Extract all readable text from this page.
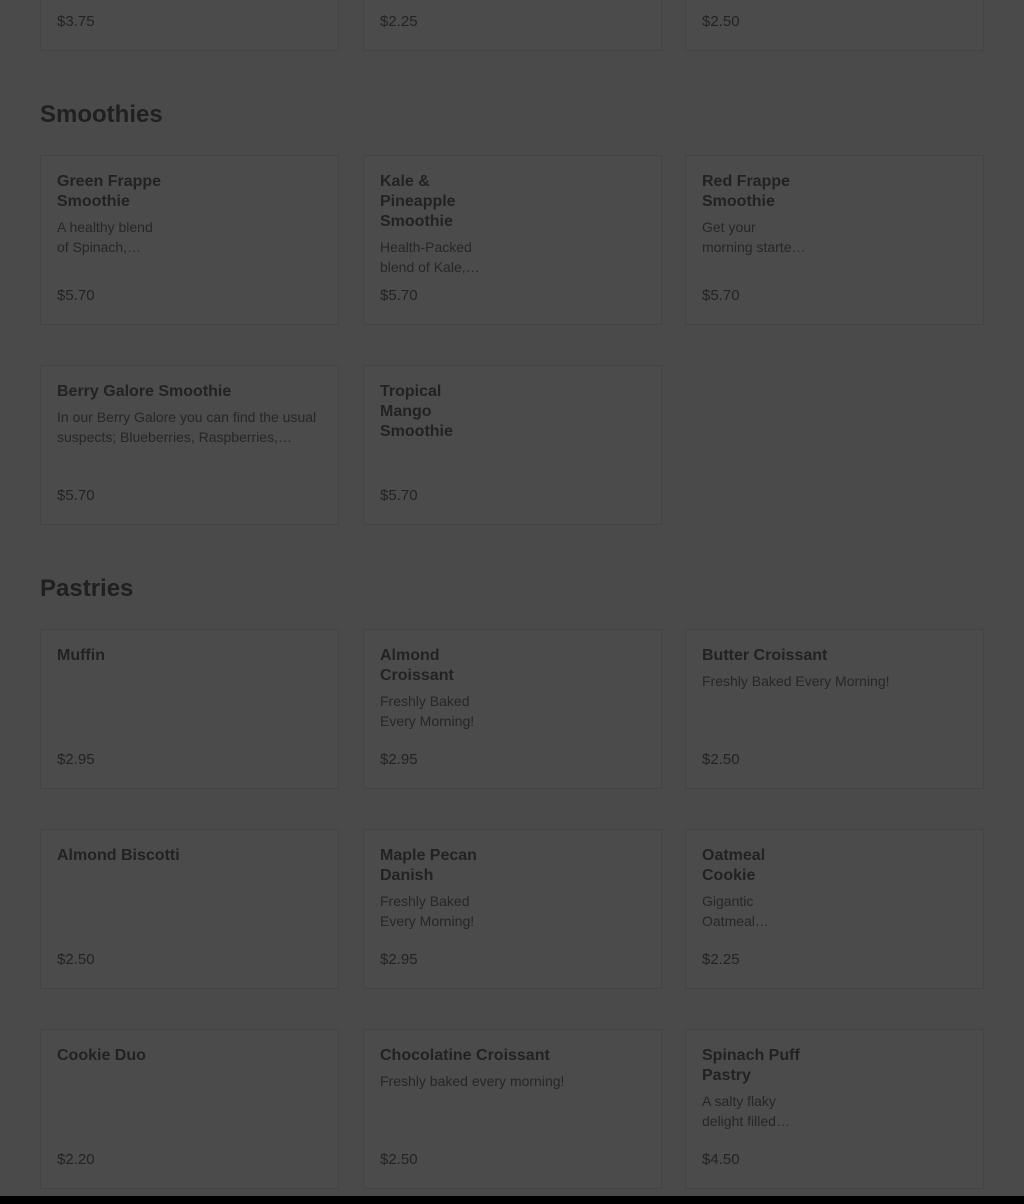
$3.75	$2.25	$2.50
Smoothies
Green Frappe Smoothie
A healthy blend of Spinach,…
$5.70
Kale & Pineapple Smoothie
Health-Packed blend of Kale,…
$5.70
Red Frappe Smoothie
Get your morning starte…
$5.70
Berry Galore Smoothie
In our Berry Galore you can find the usual suspects; Blueberries, Raspberries,…
$5.70
Tropical Mango Smoothie
$5.70
Pastries
Muffin
$2.95
Almond Croissant
Freshly Baked Every Morning!
$2.95
Butter Croissant
Freshly Baked Every Morning!
$2.50
Almond Biscotti
$2.50
Maple Pecan Danish
Freshly Baked Every Morning!
$2.95
Oatmeal Cookie
Gigantic Oatmeal…
$2.25
Cookie Duo
$2.20
Chocolatine Croissant
Freshly baked every morning!
$2.50
Spinach Puff Pastry
A salty flaky delight filled…
$4.50
